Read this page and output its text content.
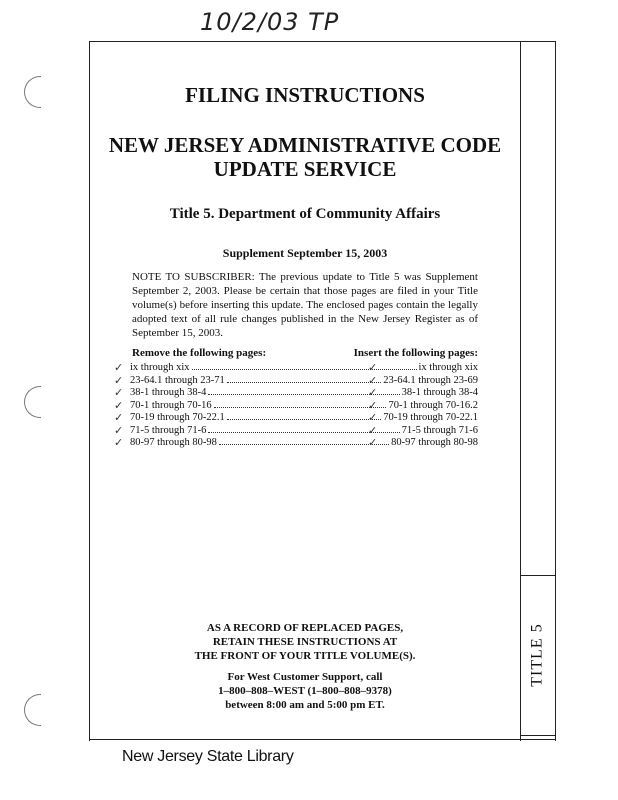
10/2/03 TP
TITLE 5
FILING INSTRUCTIONS
NEW JERSEY ADMINISTRATIVE CODE
UPDATE SERVICE
Title 5. Department of Community Affairs
Supplement September 15, 2003
NOTE TO SUBSCRIBER: The previous update to Title 5 was Supplement September 2, 2003. Please be certain that those pages are filed in your Title volume(s) before inserting this update. The enclosed pages contain the legally adopted text of all rule changes published in the New Jersey Register as of September 15, 2003.
Remove the following pages:	Insert the following pages:
✓
✓
✓
✓
✓
✓
✓
✓
✓
✓
✓
✓
✓
✓
ix through xix	ix through xix
23-64.1 through 23-71	23-64.1 through 23-69
38-1 through 38-4	38-1 through 38-4
70-1 through 70-16	70-1 through 70-16.2
70-19 through 70-22.1	70-19 through 70-22.1
71-5 through 71-6	71-5 through 71-6
80-97 through 80-98	80-97 through 80-98
AS A RECORD OF REPLACED PAGES,
RETAIN THESE INSTRUCTIONS AT
THE FRONT OF YOUR TITLE VOLUME(S).
For West Customer Support, call
1–800–808–WEST (1–800–808–9378)
between 8:00 am and 5:00 pm ET.
New Jersey State Library
